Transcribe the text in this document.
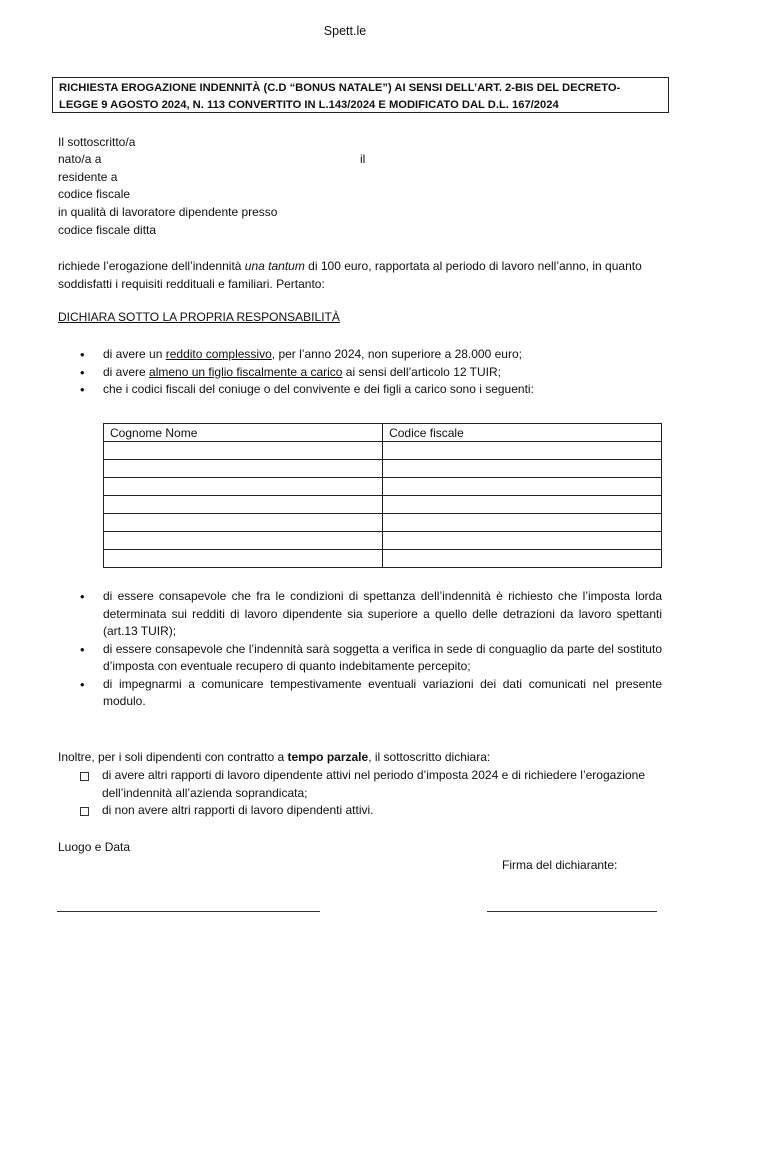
Spett.le
RICHIESTA EROGAZIONE INDENNITÀ (C.D “BONUS NATALE”) AI SENSI DELL’ART. 2-BIS DEL DECRETO-
LEGGE 9 AGOSTO 2024, N. 113 CONVERTITO IN L.143/2024 E MODIFICATO DAL D.L. 167/2024
Il sottoscritto/a
nato/a a	il
residente a
codice fiscale
in qualità di lavoratore dipendente presso
codice fiscale ditta
richiede l’erogazione dell’indennità una tantum di 100 euro, rapportata al periodo di lavoro nell’anno, in quanto soddisfatti i requisiti reddituali e familiari. Pertanto:
DICHIARA SOTTO LA PROPRIA RESPONSABILITÀ
• di avere un reddito complessivo, per l’anno 2024, non superiore a 28.000 euro;
• di avere almeno un figlio fiscalmente a carico ai sensi dell’articolo 12 TUIR;
• che i codici fiscali del coniuge o del convivente e dei figli a carico sono i seguenti:
Cognome Nome	Codice fiscale

• di essere consapevole che fra le condizioni di spettanza dell’indennità è richiesto che l’imposta lorda determinata sui redditi di lavoro dipendente sia superiore a quello delle detrazioni da lavoro spettanti (art.13 TUIR);
• di essere consapevole che l’indennità sarà soggetta a verifica in sede di conguaglio da parte del sostituto d’imposta con eventuale recupero di quanto indebitamente percepito;
• di impegnarmi a comunicare tempestivamente eventuali variazioni dei dati comunicati nel presente modulo.
Inoltre, per i soli dipendenti con contratto a tempo parzale, il sottoscritto dichiara:
di avere altri rapporti di lavoro dipendente attivi nel periodo d’imposta 2024 e di richiedere l’erogazione dell’indennità all’azienda soprandicata;
di non avere altri rapporti di lavoro dipendenti attivi.
Luogo e Data
Firma del dichiarante:
